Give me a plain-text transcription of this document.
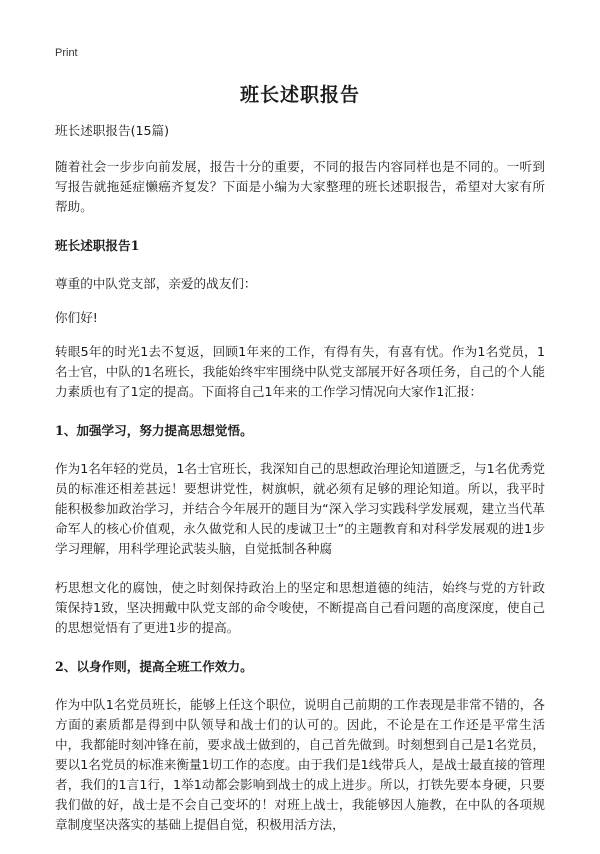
Print
班长述职报告

班长述职报告(15篇)

随着社会一步步向前发展，报告十分的重要，不同的报告内容同样也是不同的。一听到写报告就拖延症懒癌齐复发？下面是小编为大家整理的班长述职报告，希望对大家有所帮助。

班长述职报告1

尊重的中队党支部，亲爱的战友们：

你们好!

转眼5年的时光1去不复返，回顾1年来的工作，有得有失，有喜有忧。作为1名党员，1名士官，中队的1名班长，我能始终牢牢围绕中队党支部展开好各项任务，自己的个人能力素质也有了1定的提高。下面将自己1年来的工作学习情况向大家作1汇报：

1、加强学习，努力提高思想觉悟。

作为1名年轻的党员，1名士官班长，我深知自己的思想政治理论知道匮乏，与1名优秀党员的标准还相差甚远！要想讲党性，树旗帜，就必须有足够的理论知道。所以，我平时能积极参加政治学习，并结合今年展开的题目为“深入学习实践科学发展观，建立当代革命军人的核心价值观，永久做党和人民的虔诚卫士”的主题教育和对科学发展观的进1步学习理解，用科学理论武装头脑，自觉抵制各种腐

朽思想文化的腐蚀，使之时刻保持政治上的坚定和思想道德的纯洁，始终与党的方针政策保持1致，坚决拥戴中队党支部的命令唆使，不断提高自己看问题的高度深度，使自己的思想觉悟有了更进1步的提高。

2、以身作则，提高全班工作效力。

作为中队1名党员班长，能够上任这个职位，说明自己前期的工作表现是非常不错的，各方面的素质都是得到中队领导和战士们的认可的。因此，不论是在工作还是平常生活中，我都能时刻冲锋在前，要求战士做到的，自己首先做到。时刻想到自己是1名党员，要以1名党员的标准来衡量1切工作的态度。由于我们是1线带兵人，是战士最直接的管理者，我们的1言1行，1举1动都会影响到战士的成上进步。所以，打铁先要本身硬，只要我们做的好，战士是不会自己变坏的！对班上战士，我能够因人施教，在中队的各项规章制度坚决落实的基础上提倡自觉，积极用活方法，
